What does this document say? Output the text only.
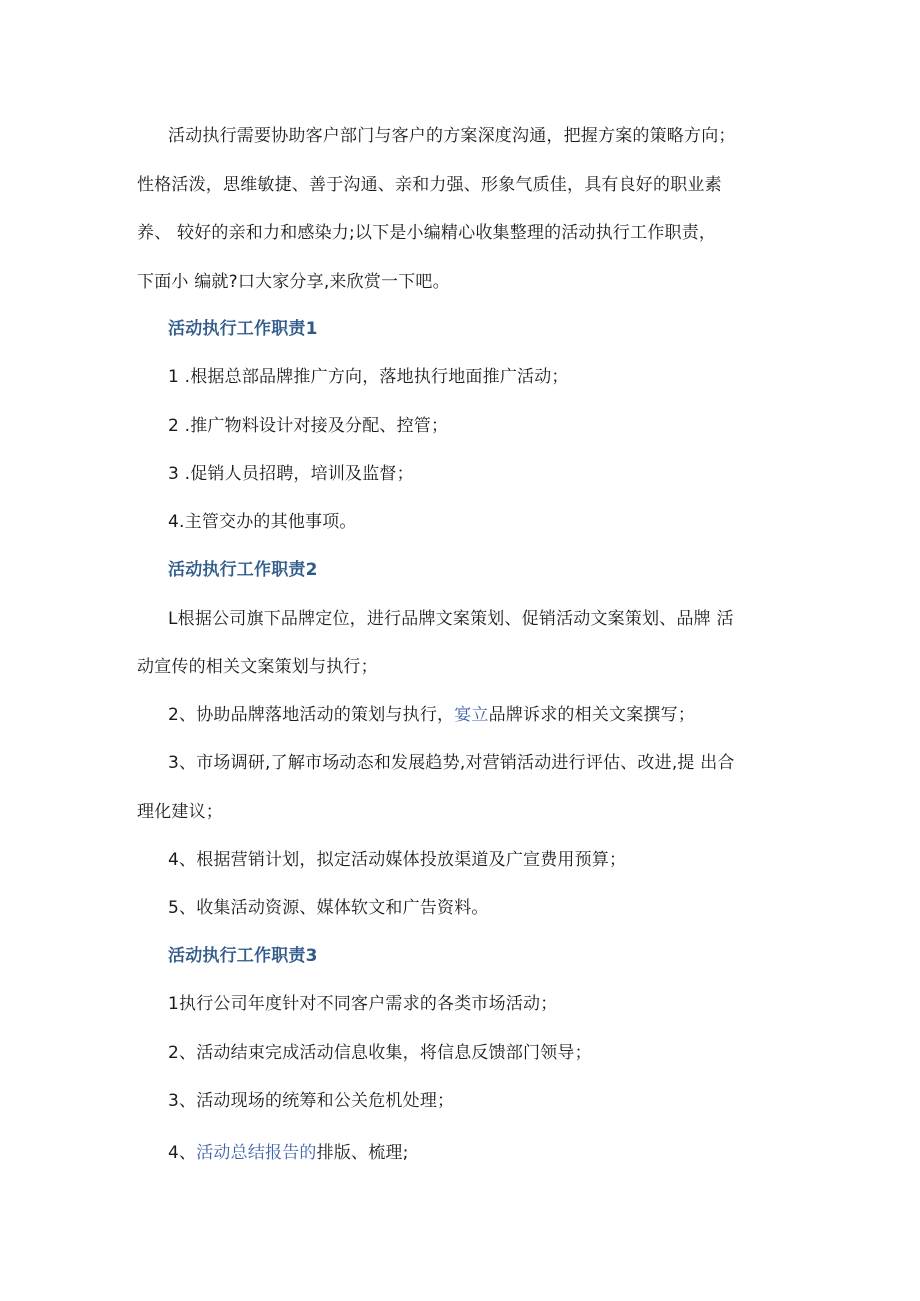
活动执行需要协助客户部门与客户的方案深度沟通，把握方案的策略方向；
性格活泼，思维敏捷、善于沟通、亲和力强、形象气质佳，具有良好的职业素
养、 较好的亲和力和感染力;以下是小编精心收集整理的活动执行工作职责，
下面小 编就?口大家分享,来欣赏一下吧。
活动执行工作职责1
1 .根据总部品牌推广方向，落地执行地面推广活动；
2 .推广物料设计对接及分配、控管；
3 .促销人员招聘，培训及监督；
4.主管交办的其他事项。
活动执行工作职责2
L根据公司旗下品牌定位，进行品牌文案策划、促销活动文案策划、品牌 活
动宣传的相关文案策划与执行；
2、协助品牌落地活动的策划与执行，宴立品牌诉求的相关文案撰写；
3、市场调研,了解市场动态和发展趋势,对营销活动进行评估、改进,提 出合
理化建议；
4、根据营销计划，拟定活动媒体投放渠道及广宣费用预算；
5、收集活动资源、媒体软文和广告资料。
活动执行工作职责3
1执行公司年度针对不同客户需求的各类市场活动；
2、活动结束完成活动信息收集，将信息反馈部门领导；
3、活动现场的统筹和公关危机处理；
4、活动总结报告的排版、梳理;
